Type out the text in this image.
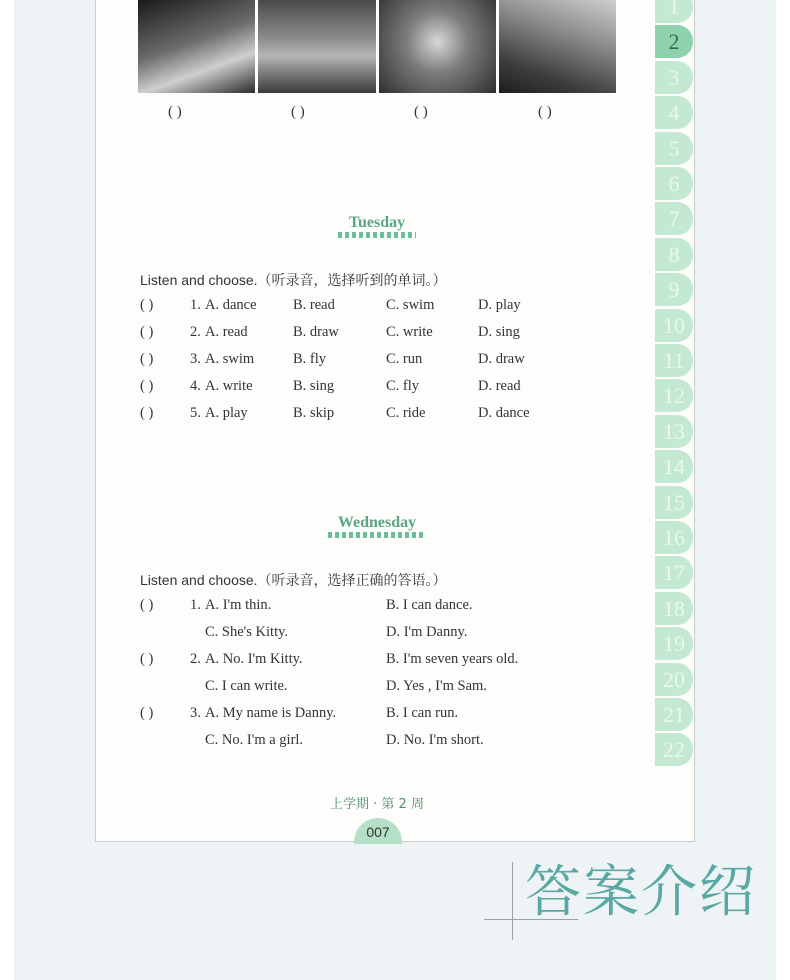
( )	( )	( )	( )
Tuesday
Listen and choose.（听录音，选择听到的单词。）
( )	1. A. dance	B. read	C. swim	D. play
( )	2. A. read	B. draw	C. write	D. sing
( )	3. A. swim	B. fly	C. run	D. draw
( )	4. A. write	B. sing	C. fly	D. read
( )	5. A. play	B. skip	C. ride	D. dance
Wednesday
Listen and choose.（听录音，选择正确的答语。）
( )	1. A. I'm thin.	B. I can dance.
C. She's Kitty.	D. I'm Danny.
( )	2. A. No. I'm Kitty.	B. I'm seven years old.
C. I can write.	D. Yes , I'm Sam.
( )	3. A. My name is Danny.	B. I can run.
C. No. I'm a girl.	D. No. I'm short.
1
2
3
4
5
6
7
8
9
10
11
12
13
14
15
16
17
18
19
20
21
22
上学期 · 第 2 周
007
答案介绍
